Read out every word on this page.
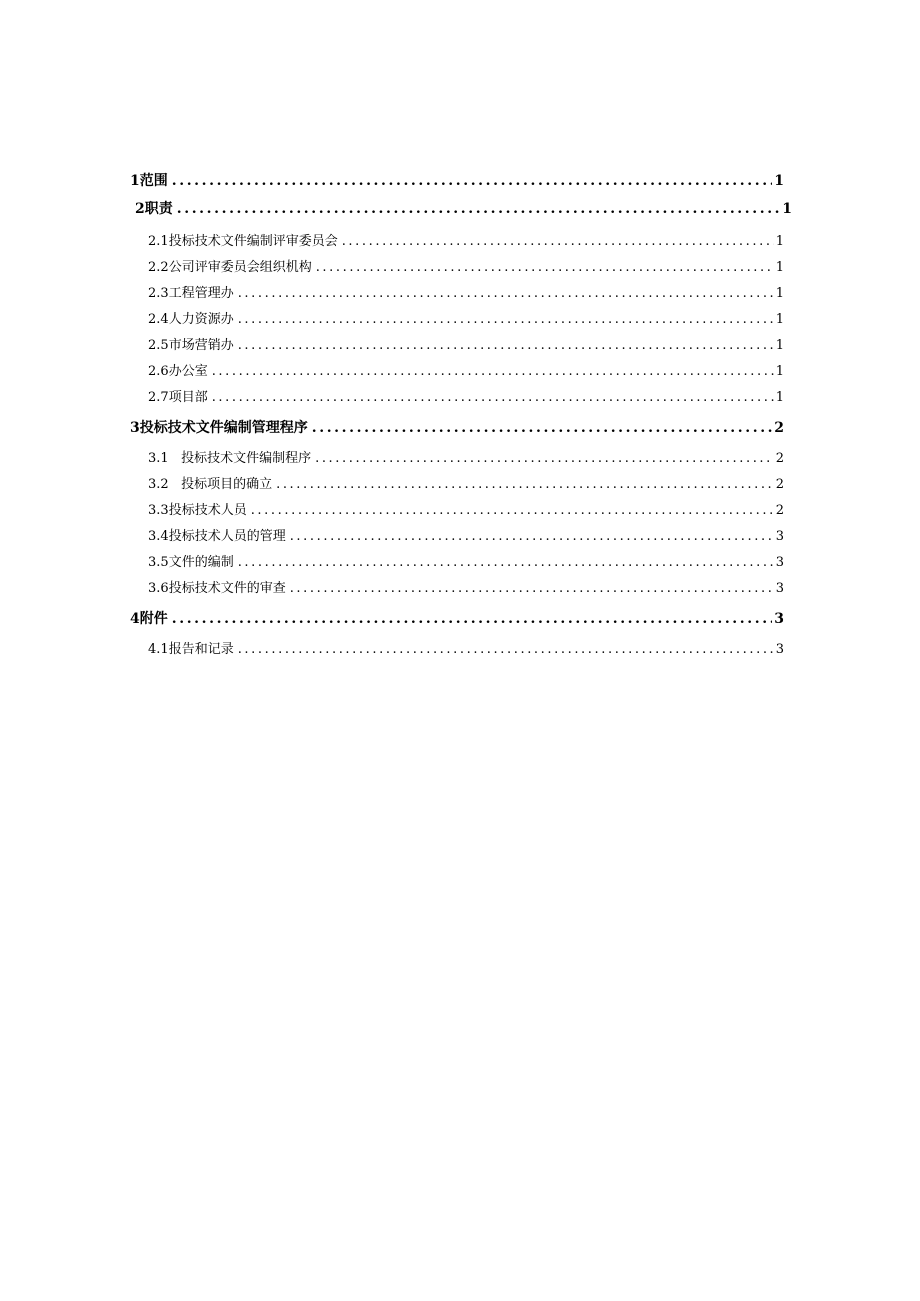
1 范围 .....	1
2 职责 .....	1
2.1 投标技术文件编制评审委员会 .....	1
2.2 公司评审委员会组织机构 .....	1
2.3 工程管理办 .....	1
2.4 人力资源办 .....	1
2.5 市场营销办 .....	1
2.6 办公室 .....	1
2.7 项目部 .....	1
3 投标技术文件编制管理程序 .....	2
3.1 投标技术文件编制程序 .....	2
3.2 投标项目的确立 .....	2
3.3 投标技术人员 .....	2
3.4 投标技术人员的管理 .....	3
3.5 文件的编制 .....	3
3.6 投标技术文件的审查 .....	3
4 附件 .....	3
4.1 报告和记录 .....	3
